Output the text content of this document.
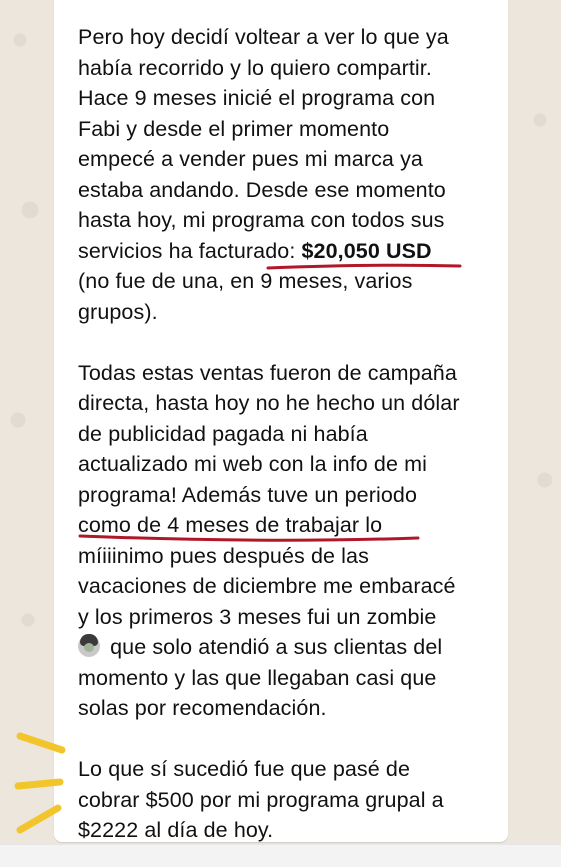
Pero hoy decidí voltear a ver lo que ya
había recorrido y lo quiero compartir.
Hace 9 meses inicié el programa con
Fabi y desde el primer momento
empecé a vender pues mi marca ya
estaba andando. Desde ese momento
hasta hoy, mi programa con todos sus
servicios ha facturado: $20,050 USD
(no fue de una, en 9 meses, varios
grupos).

Todas estas ventas fueron de campaña
directa, hasta hoy no he hecho un dólar
de publicidad pagada ni había
actualizado mi web con la info de mi
programa! Además tuve un periodo
como de 4 meses de trabajar lo
míiiinimo pues después de las
vacaciones de diciembre me embaracé
y los primeros 3 meses fui un zombie
que solo atendió a sus clientas del
momento y las que llegaban casi que
solas por recomendación.

Lo que sí sucedió fue que pasé de
cobrar $500 por mi programa grupal a
$2222 al día de hoy.
